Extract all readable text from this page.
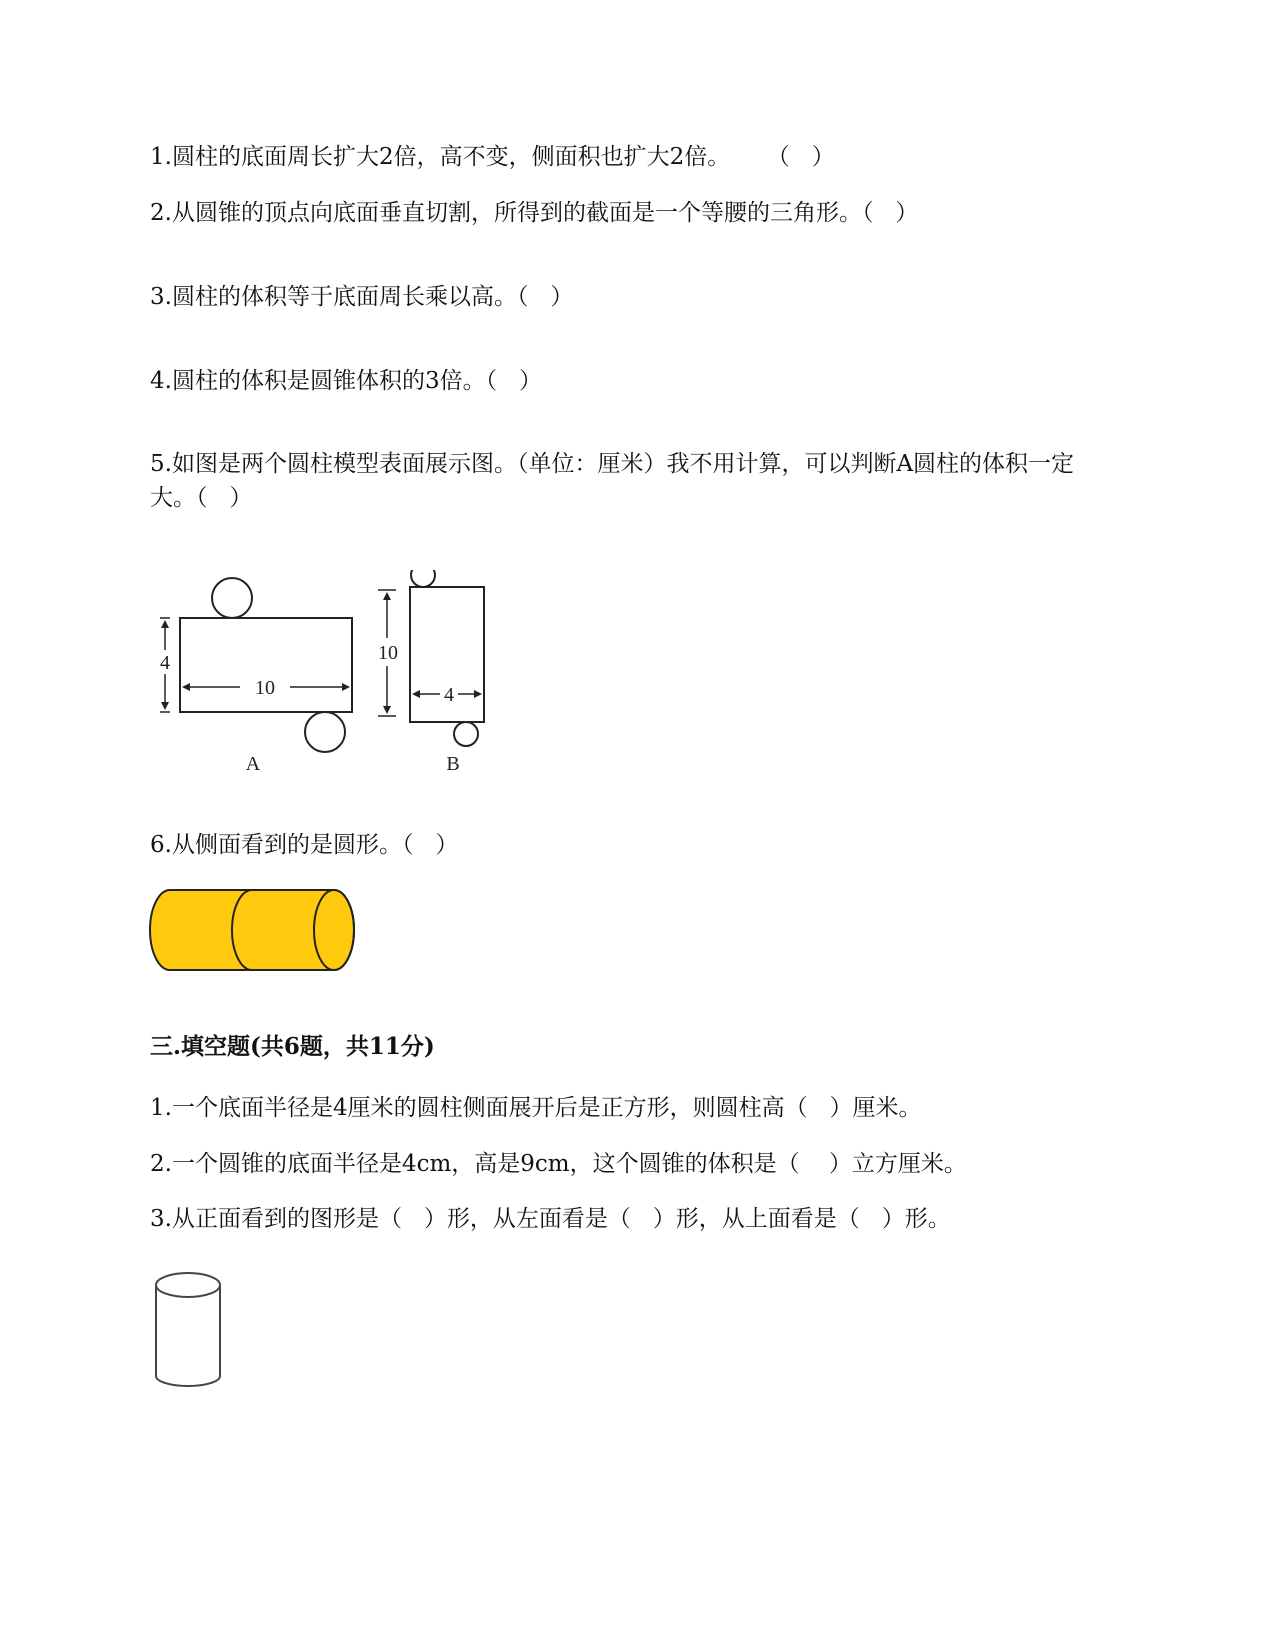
1.圆柱的底面周长扩大2倍，高不变，侧面积也扩大2倍。     （   ）
2.从圆锥的顶点向底面垂直切割，所得到的截面是一个等腰的三角形。（   ）
3.圆柱的体积等于底面周长乘以高。（   ）
4.圆柱的体积是圆锥体积的3倍。（   ）
5.如图是两个圆柱模型表面展示图。（单位：厘米）我不用计算，可以判断A圆柱的体积一定大。（   ）
4
10
A
10
4
B
6.从侧面看到的是圆形。（   ）
三.填空题(共6题，共11分)
1.一个底面半径是4厘米的圆柱侧面展开后是正方形，则圆柱高（   ）厘米。
2.一个圆锥的底面半径是4cm，高是9cm，这个圆锥的体积是（    ）立方厘米。
3.从正面看到的图形是（   ）形，从左面看是（   ）形，从上面看是（   ）形。
